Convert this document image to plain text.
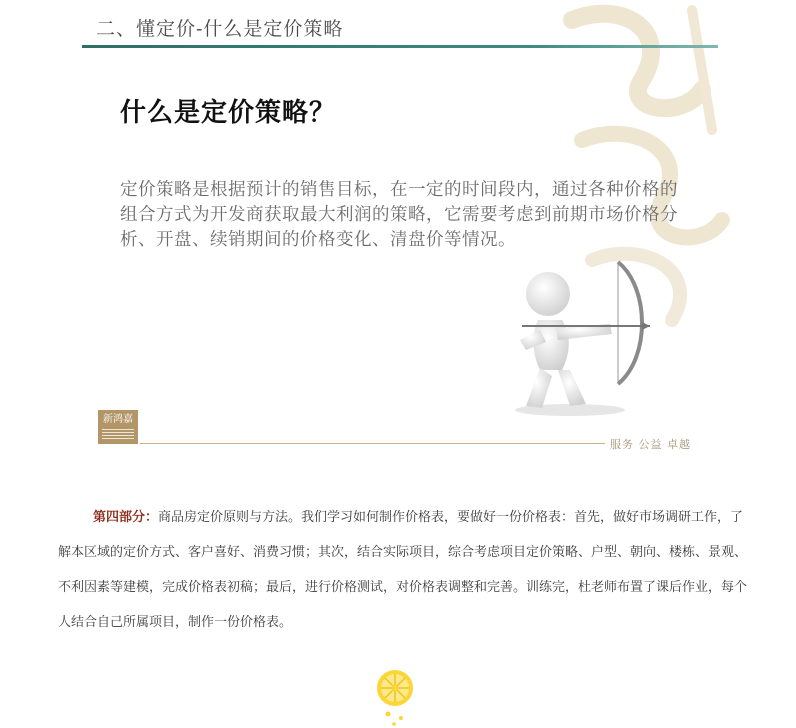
二、懂定价-什么是定价策略
什么是定价策略？
定价策略是根据预计的销售目标，在一定的时间段内，通过各种价格的组合方式为开发商获取最大利润的策略，它需要考虑到前期市场价格分析、开盘、续销期间的价格变化、清盘价等情况。
新鸿嘉
服务 公益 卓越
第四部分：商品房定价原则与方法。我们学习如何制作价格表，要做好一份价格表：首先，做好市场调研工作，了解本区域的定价方式、客户喜好、消费习惯；其次，结合实际项目，综合考虑项目定价策略、户型、朝向、楼栋、景观、不利因素等建模，完成价格表初稿；最后，进行价格测试，对价格表调整和完善。训练完，杜老师布置了课后作业，每个人结合自己所属项目，制作一份价格表。
